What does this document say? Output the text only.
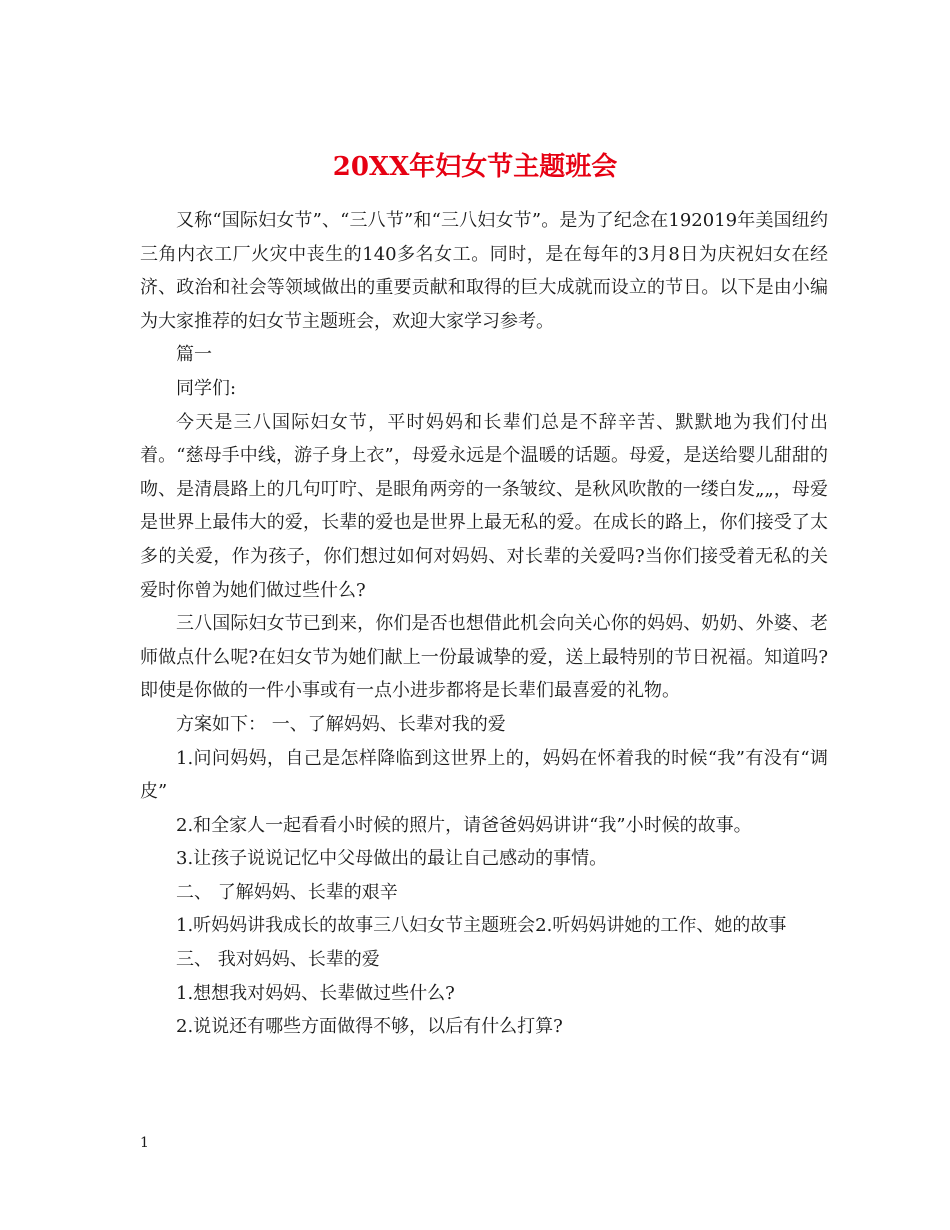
20XX年妇女节主题班会

又称“国际妇女节”、“三八节”和“三八妇女节”。是为了纪念在192019年美国纽约三角内衣工厂火灾中丧生的140多名女工。同时，是在每年的3月8日为庆祝妇女在经济、政治和社会等领域做出的重要贡献和取得的巨大成就而设立的节日。以下是由小编为大家推荐的妇女节主题班会，欢迎大家学习参考。

篇一

同学们:

今天是三八国际妇女节，平时妈妈和长辈们总是不辞辛苦、默默地为我们付出着。“慈母手中线，游子身上衣”，母爱永远是个温暖的话题。母爱，是送给婴儿甜甜的吻、是清晨路上的几句叮咛、是眼角两旁的一条皱纹、是秋风吹散的一缕白发„„，母爱是世界上最伟大的爱，长辈的爱也是世界上最无私的爱。在成长的路上，你们接受了太多的关爱，作为孩子，你们想过如何对妈妈、对长辈的关爱吗?当你们接受着无私的关爱时你曾为她们做过些什么?

三八国际妇女节已到来，你们是否也想借此机会向关心你的妈妈、奶奶、外婆、老师做点什么呢?在妇女节为她们献上一份最诚挚的爱，送上最特别的节日祝福。知道吗?即使是你做的一件小事或有一点小进步都将是长辈们最喜爱的礼物。

方案如下： 一、了解妈妈、长辈对我的爱

1.问问妈妈，自己是怎样降临到这世界上的，妈妈在怀着我的时候“我”有没有“调皮”

2.和全家人一起看看小时候的照片，请爸爸妈妈讲讲“我”小时候的故事。

3.让孩子说说记忆中父母做出的最让自己感动的事情。

二、 了解妈妈、长辈的艰辛

1.听妈妈讲我成长的故事三八妇女节主题班会2.听妈妈讲她的工作、她的故事

三、 我对妈妈、长辈的爱

1.想想我对妈妈、长辈做过些什么?

2.说说还有哪些方面做得不够，以后有什么打算?

1
